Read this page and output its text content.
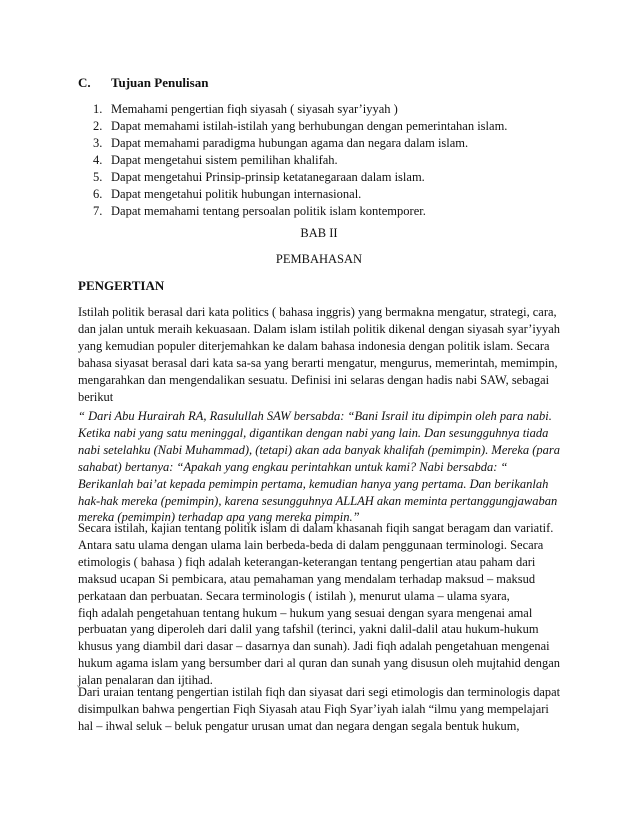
C. Tujuan Penulisan
1. Memahami pengertian fiqh siyasah ( siyasah syar’iyyah )
2. Dapat memahami istilah-istilah yang berhubungan dengan pemerintahan islam.
3. Dapat memahami paradigma hubungan agama dan negara dalam islam.
4. Dapat mengetahui sistem pemilihan khalifah.
5. Dapat mengetahui Prinsip-prinsip ketatanegaraan dalam islam.
6. Dapat mengetahui politik hubungan internasional.
7. Dapat memahami tentang persoalan politik islam kontemporer.
BAB II
PEMBAHASAN
PENGERTIAN

Istilah politik berasal dari kata politics ( bahasa inggris) yang bermakna mengatur, strategi, cara,
dan jalan untuk meraih kekuasaan. Dalam islam istilah politik dikenal dengan siyasah syar’iyyah
yang kemudian populer diterjemahkan ke dalam bahasa indonesia dengan politik islam. Secara
bahasa siyasat berasal dari kata sa-sa yang berarti mengatur, mengurus, memerintah, memimpin,
mengarahkan dan mengendalikan sesuatu. Definisi ini selaras dengan hadis nabi SAW, sebagai
berikut

“ Dari Abu Hurairah RA, Rasulullah SAW bersabda: “Bani Israil itu dipimpin oleh para nabi.
Ketika nabi yang satu meninggal, digantikan dengan nabi yang lain. Dan sesungguhnya tiada
nabi setelahku (Nabi Muhammad), (tetapi) akan ada banyak khalifah (pemimpin). Mereka (para
sahabat) bertanya: “Apakah yang engkau perintahkan untuk kami? Nabi bersabda: “
Berikanlah bai’at kepada pemimpin pertama, kemudian hanya yang pertama. Dan berikanlah
hak-hak mereka (pemimpin), karena sesungguhnya ALLAH akan meminta pertanggungjawaban
mereka (pemimpin) terhadap apa yang mereka pimpin.”

Secara istilah, kajian tentang politik islam di dalam khasanah fiqih sangat beragam dan variatif.
Antara satu ulama dengan ulama lain berbeda-beda di dalam penggunaan terminologi. Secara
etimologis ( bahasa ) fiqh adalah keterangan-keterangan tentang pengertian atau paham dari
maksud ucapan Si pembicara, atau pemahaman yang mendalam terhadap maksud – maksud
perkataan dan perbuatan. Secara terminologis ( istilah ), menurut ulama – ulama syara,
fiqh adalah pengetahuan tentang hukum – hukum yang sesuai dengan syara mengenai amal
perbuatan yang diperoleh dari dalil yang tafshil (terinci, yakni dalil-dalil atau hukum-hukum
khusus yang diambil dari dasar – dasarnya dan sunah). Jadi fiqh adalah pengetahuan mengenai
hukum agama islam yang bersumber dari al quran dan sunah yang disusun oleh mujtahid dengan
jalan penalaran dan ijtihad.

Dari uraian tentang pengertian istilah fiqh dan siyasat dari segi etimologis dan terminologis dapat
disimpulkan bahwa pengertian Fiqh Siyasah atau Fiqh Syar’iyah ialah “ilmu yang mempelajari
hal – ihwal seluk – beluk pengatur urusan umat dan negara dengan segala bentuk hukum,
